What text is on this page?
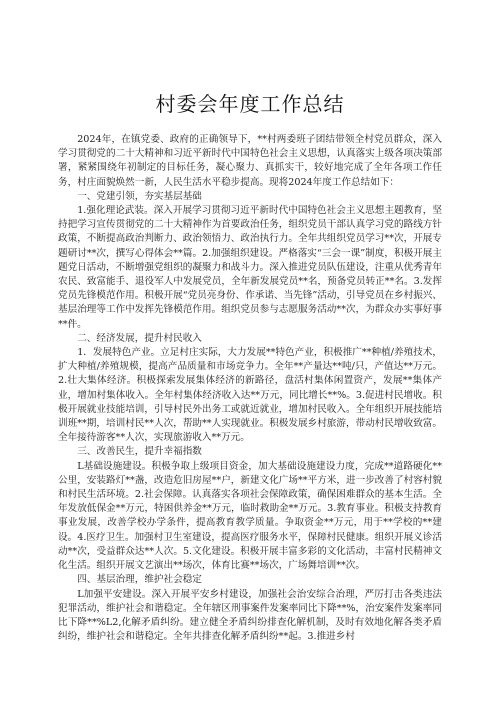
村委会年度工作总结

2024年，在镇党委、政府的正确领导下，**村两委班子团结带领全村党员群众，深入学习贯彻党的二十大精神和习近平新时代中国特色社会主义思想，认真落实上级各项决策部署，紧紧围绕年初制定的目标任务，凝心聚力、真抓实干，较好地完成了全年各项工作任务，村庄面貌焕然一新，人民生活水平稳步提高。现将2024年度工作总结如下：

一、党建引领，夯实基层基础

1.强化理论武装。深入开展学习贯彻习近平新时代中国特色社会主义思想主题教育，坚持把学习宣传贯彻党的二十大精神作为首要政治任务，组织党员干部认真学习党的路线方针政策，不断提高政治判断力、政治领悟力、政治执行力。全年共组织党员学习**次，开展专题研讨**次，撰写心得体会**篇。2.加强组织建设。严格落实“三会一课”制度，积极开展主题党日活动，不断增强党组织的凝聚力和战斗力。深入推进党员队伍建设，注重从优秀青年农民、致富能手、退役军人中发展党员，全年新发展党员**名，预备党员转正**名。3.发挥党员先锋模范作用。积极开展“党员亮身份、作承诺、当先锋”活动，引导党员在乡村振兴、基层治理等工作中发挥先锋模范作用。组织党员参与志愿服务活动**次，为群众办实事好事**件。

二、经济发展，提升村民收入

1．发展特色产业。立足村庄实际，大力发展**特色产业，积极推广**种植/养殖技术，扩大种植/养殖规模，提高产品质量和市场竞争力。全年**产量达**吨/只，产值达**万元。2.壮大集体经济。积极探索发展集体经济的新路径，盘活村集体闲置资产，发展**集体产业，增加村集体收入。全年村集体经济收入达**万元，同比增长**%。3.促进村民增收。积极开展就业技能培训，引导村民外出务工或就近就业，增加村民收入。全年组织开展技能培训班**期，培训村民**人次，帮助**人实现就业。积极发展乡村旅游，带动村民增收致富。全年接待游客**人次，实现旅游收入**万元。

三、改善民生，提升幸福指数

L基础设施建设。积极争取上级项目资金，加大基础设施建设力度，完成**道路硬化**公里，安装路灯**盏，改造危旧房屋**户，新建文化广场**平方米，进一步改善了村容村貌和村民生活环境。2.社会保障。认真落实各项社会保障政策，确保困难群众的基本生活。全年发放低保金**万元，特困供养金**万元，临时救助金**万元。3.教育事业。积极支持教育事业发展，改善学校办学条件，提高教育教学质量。争取资金**万元，用于**学校的**建设。4.医疗卫生。加强村卫生室建设，提高医疗服务水平，保障村民健康。组织开展义诊活动**次，受益群众达**人次。5.文化建设。积极开展丰富多彩的文化活动，丰富村民精神文化生活。组织开展文艺演出**场次，体育比赛**场次，广场舞培训**次。

四、基层治理，维护社会稳定

L加强平安建设。深入开展平安乡村建设，加强社会治安综合治理，严厉打击各类违法犯罪活动，维护社会和谐稳定。全年辖区刑事案件发案率同比下降**%，治安案件发案率同比下降**%L2,化解矛盾纠纷。建立健全矛盾纠纷排查化解机制，及时有效地化解各类矛盾纠纷，维护社会和谐稳定。全年共排查化解矛盾纠纷**起。3.推进乡村
